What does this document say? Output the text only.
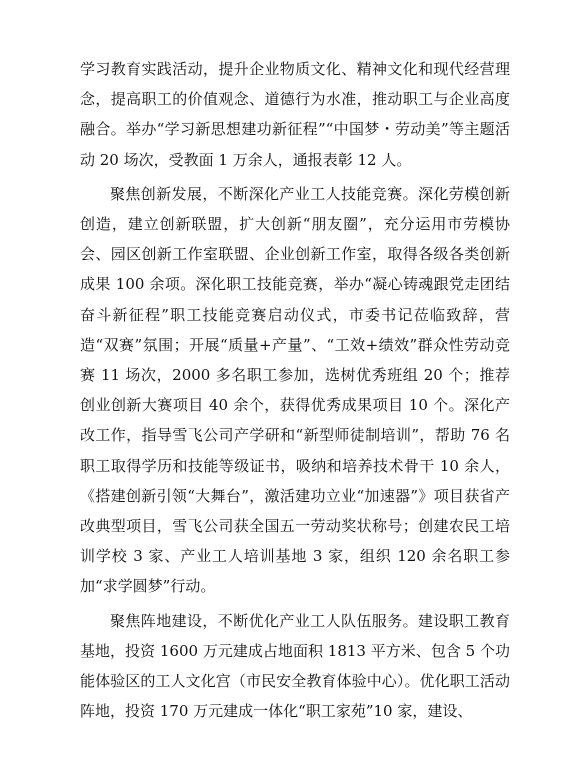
学习教育实践活动，提升企业物质文化、精神文化和现代经营理念，提高职工的价值观念、道德行为水准，推动职工与企业高度融合。举办“学习新思想建功新征程”“中国梦・劳动美”等主题活动 20 场次，受教面 1 万余人，通报表彰 12 人。

聚焦创新发展，不断深化产业工人技能竞赛。深化劳模创新创造，建立创新联盟，扩大创新“朋友圈”，充分运用市劳模协会、园区创新工作室联盟、企业创新工作室，取得各级各类创新成果 100 余项。深化职工技能竞赛，举办“凝心铸魂跟党走团结奋斗新征程”职工技能竞赛启动仪式，市委书记莅临致辞，营造“双赛”氛围；开展“质量+产量”、“工效+绩效”群众性劳动竞赛 11 场次，2000 多名职工参加，选树优秀班组 20 个；推荐创业创新大赛项目 40 余个，获得优秀成果项目 10 个。深化产改工作，指导雪飞公司产学研和“新型师徒制培训”，帮助 76 名职工取得学历和技能等级证书，吸纳和培养技术骨干 10 余人，《搭建创新引领“大舞台”，激活建功立业“加速器”》项目获省产改典型项目，雪飞公司获全国五一劳动奖状称号；创建农民工培训学校 3 家、产业工人培训基地 3 家，组织 120 余名职工参加“求学圆梦”行动。

聚焦阵地建设，不断优化产业工人队伍服务。建设职工教育基地，投资 1600 万元建成占地面积 1813 平方米、包含 5 个功能体验区的工人文化宫（市民安全教育体验中心）。优化职工活动阵地，投资 170 万元建成一体化“职工家苑”10 家，建设、
